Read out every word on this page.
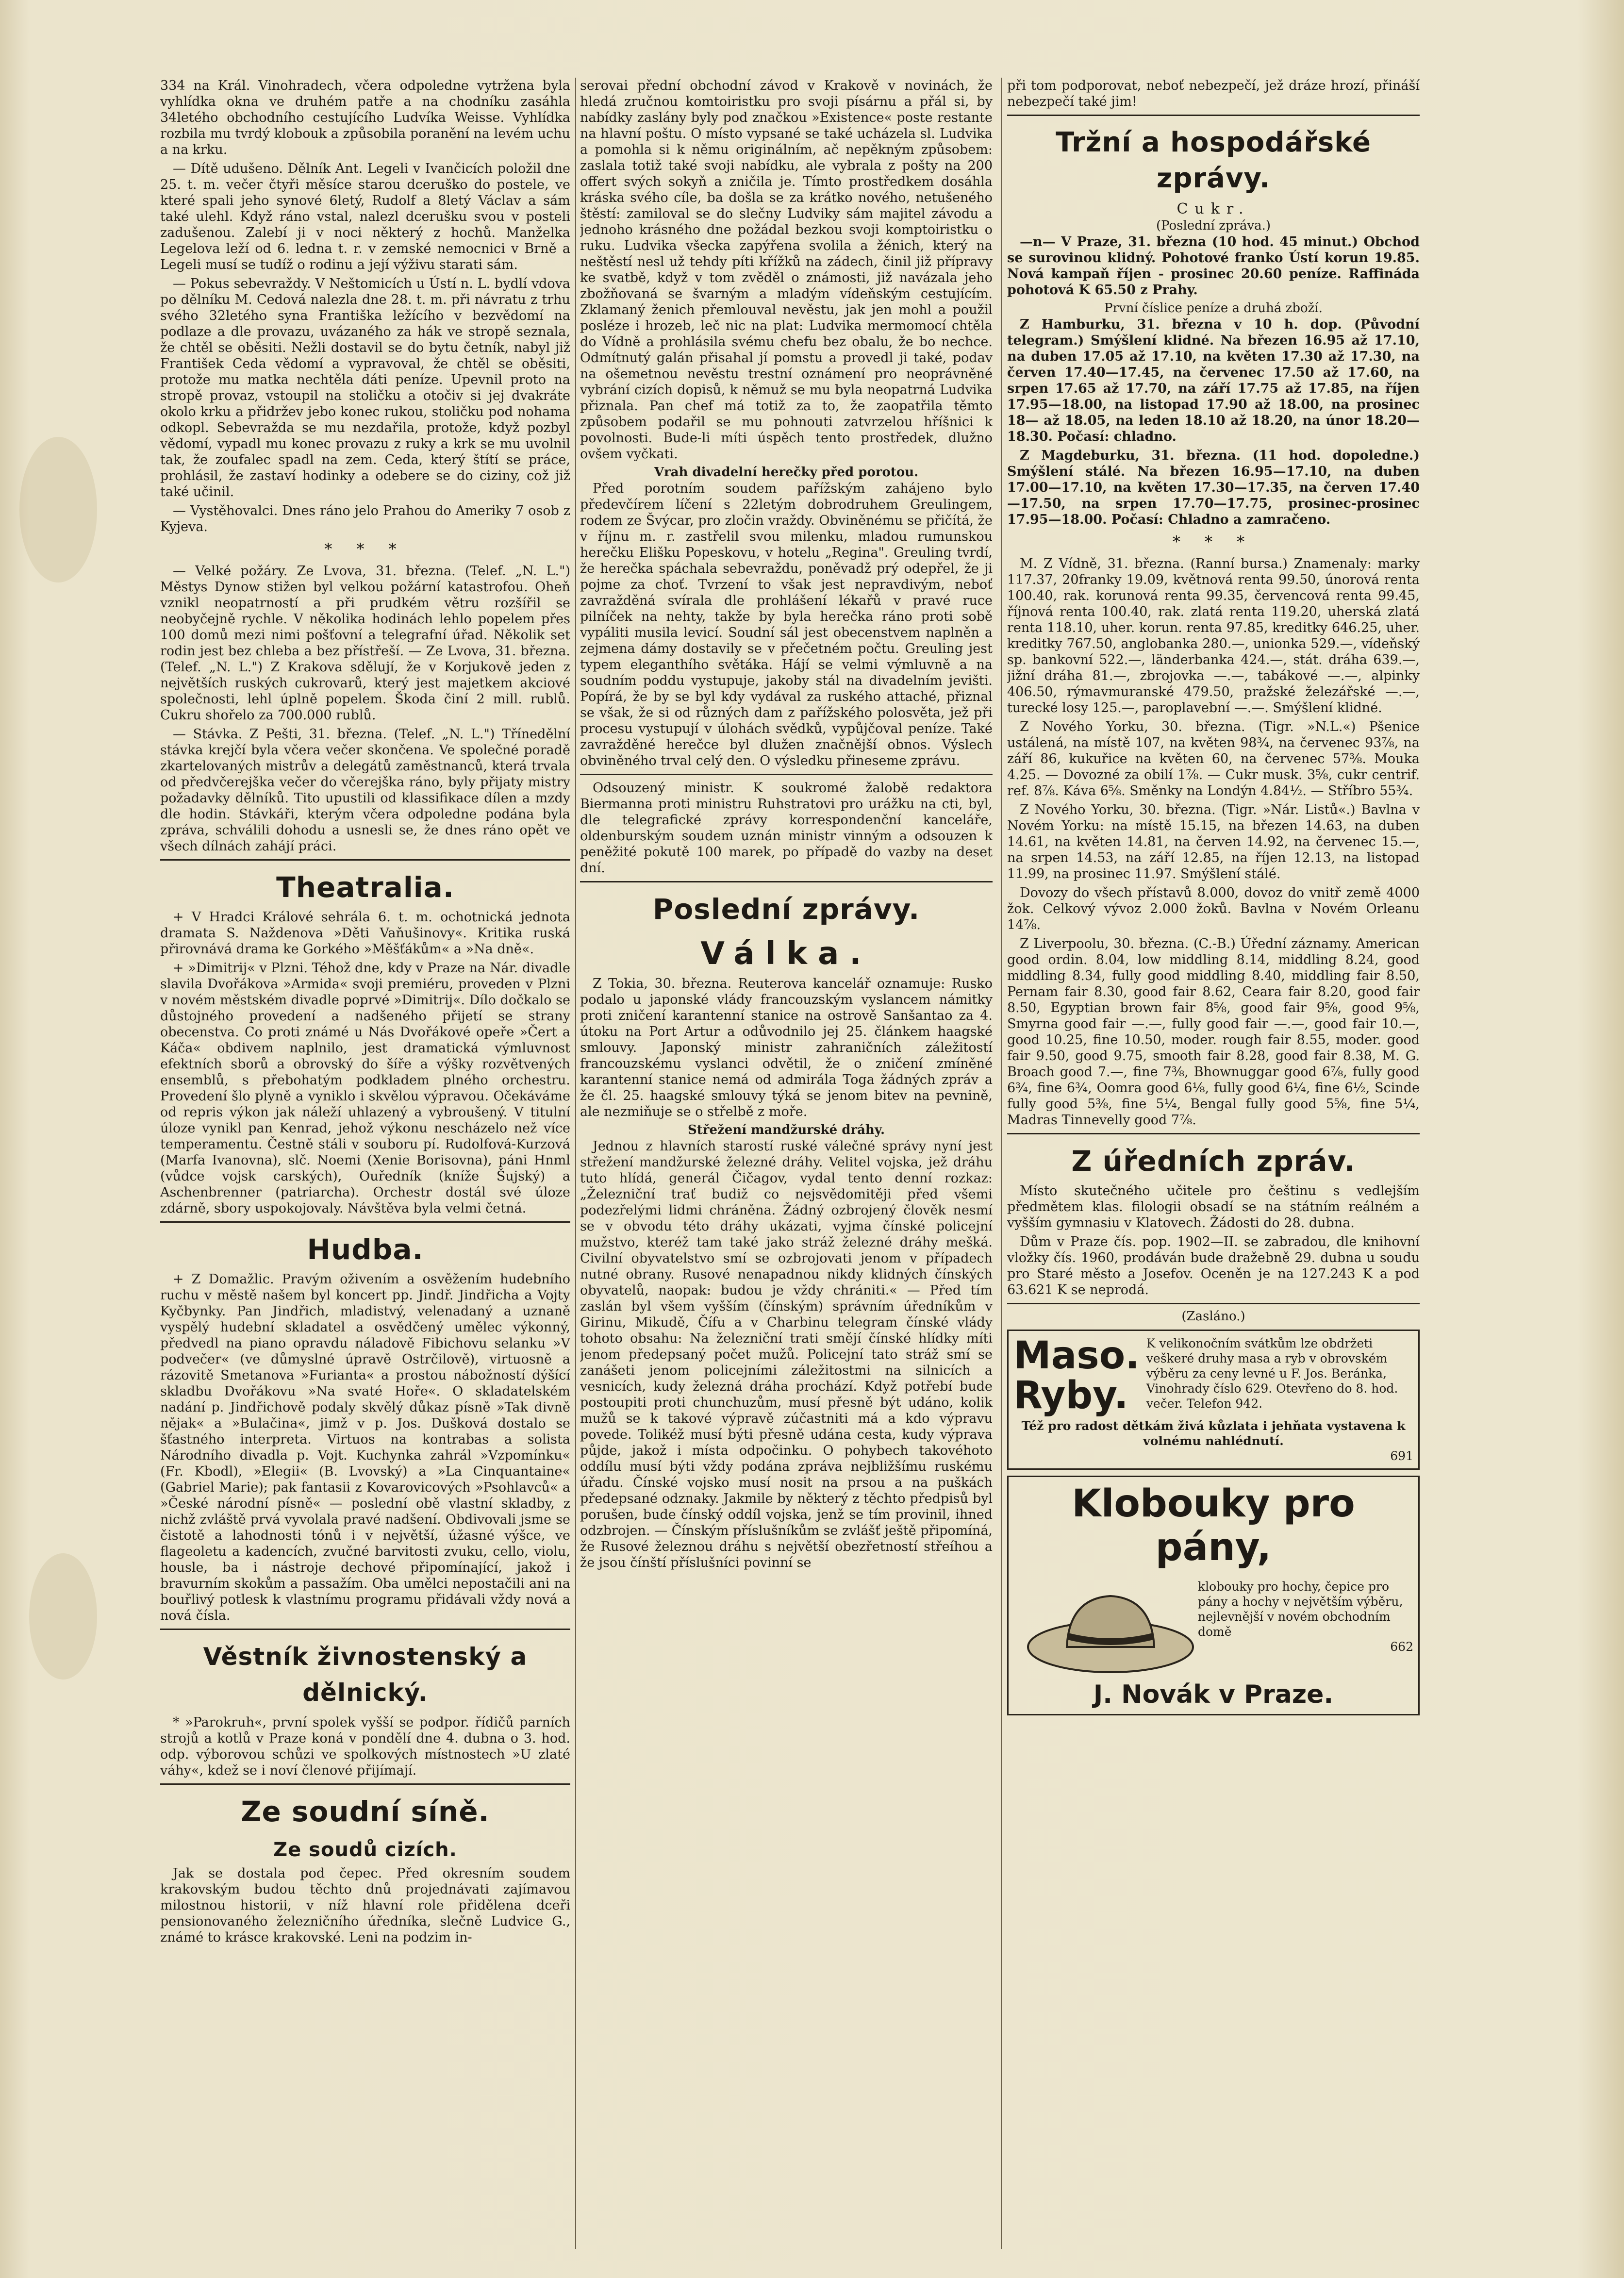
334 na Král. Vinohradech, včera odpoledne vytržena byla vyhlídka okna ve druhém patře a na chodníku zasáhla 34letého obchodního cestujícího Ludvíka Weisse. Vyhlídka rozbila mu tvrdý klobouk a způsobila poranění na levém uchu a na krku.

— Dítě udušeno. Dělník Ant. Legeli v Ivančicích položil dne 25. t. m. večer čtyři měsíce starou dceruško do postele, ve které spali jeho synové 6letý, Rudolf a 8letý Václav a sám také ulehl. Když ráno vstal, nalezl dcerušku svou v posteli zadušenou. Zalebí ji v noci některý z hochů. Manželka Legelova leží od 6. ledna t. r. v zemské nemocnici v Brně a Legeli musí se tudíž o rodinu a její výživu starati sám.

— Pokus sebevraždy. V Neštomicích u Ústí n. L. bydlí vdova po dělníku M. Cedová nalezla dne 28. t. m. při návratu z trhu svého 32letého syna Františka ležícího v bezvědomí na podlaze a dle provazu, uvázaného za hák ve stropě seznala, že chtěl se oběsiti. Nežli dostavil se do bytu četník, nabyl již František Ceda vědomí a vypravoval, že chtěl se oběsiti, protože mu matka nechtěla dáti peníze. Upevnil proto na stropě provaz, vstoupil na stoličku a otočiv si jej dvakráte okolo krku a přidržev jebo konec rukou, stoličku pod nohama odkopl. Sebevražda se mu nezdařila, protože, když pozbyl vědomí, vypadl mu konec provazu z ruky a krk se mu uvolnil tak, že zoufalec spadl na zem. Ceda, který štítí se práce, prohlásil, že zastaví hodinky a odebere se do ciziny, což již také učinil.

— Vystěhovalci. Dnes ráno jelo Prahou do Ameriky 7 osob z Kyjeva.

* * *

— Velké požáry. Ze Lvova, 31. března. (Telef. „N. L.") Městys Dynow stižen byl velkou požární katastrofou. Oheň vznikl neopatrností a při prudkém větru rozšířil se neobyčejně rychle. V několika hodinách lehlo popelem přes 100 domů mezi nimi pošťovní a telegrafní úřad. Několik set rodin jest bez chleba a bez přístřeší. — Ze Lvova, 31. března. (Telef. „N. L.") Z Krakova sdělují, že v Korjukově jeden z největších ruských cukrovarů, který jest majetkem akciové společnosti, lehl úplně popelem. Škoda činí 2 mill. rublů. Cukru shořelo za 700.000 rublů.

— Stávka. Z Pešti, 31. března. (Telef. „N. L.") Třínedělní stávka krejčí byla včera večer skončena. Ve společné poradě zkartelovaných mistrův a delegátů zaměstnanců, která trvala od předvčerejška večer do včerejška ráno, byly přijaty mistry požadavky dělníků. Tito upustili od klassifikace dílen a mzdy dle hodin. Stávkáři, kterým včera odpoledne podána byla zpráva, schválili dohodu a usnesli se, že dnes ráno opět ve všech dílnách zahájí práci.

Theatralia.

+ V Hradci Králové sehrála 6. t. m. ochotnická jednota dramata S. Naždenova »Děti Vaňušinovy«. Kritika ruská přirovnává drama ke Gorkého »Měšťákům« a »Na dně«.

+ »Dimitrij« v Plzni. Téhož dne, kdy v Praze na Nár. divadle slavila Dvořákova »Armida« svoji premiéru, proveden v Plzni v novém městském divadle poprvé »Dimitrij«. Dílo dočkalo se důstojného provedení a nadšeného přijetí se strany obecenstva. Co proti známé u Nás Dvořákové opeře »Čert a Káča« obdivem naplnilo, jest dramatická výmluvnost efektních sborů a obrovský do šíře a výšky rozvětvených ensemblů, s přebohatým podkladem plného orchestru. Provedení šlo plyně a vyniklo i skvělou výpravou. Očekáváme od repris výkon jak náleží uhlazený a vybroušený. V titulní úloze vynikl pan Kenrad, jehož výkonu nescházelo než více temperamentu. Čestně stáli v souboru pí. Rudolfová-Kurzová (Marfa Ivanovna), slč. Noemi (Xenie Borisovna), páni Hnml (vůdce vojsk carských), Ouředník (kníže Šujský) a Aschenbrenner (patriarcha). Orchestr dostál své úloze zdárně, sbory uspokojovaly. Návštěva byla velmi četná.

Hudba.

+ Z Domažlic. Pravým oživením a osvěžením hudebního ruchu v městě našem byl koncert pp. Jindř. Jindřicha a Vojty Kyčbynky. Pan Jindřich, mladistvý, velenadaný a uznaně vyspělý hudební skladatel a osvědčený umělec výkonný, předvedl na piano opravdu náladově Fibichovu selanku »V podvečer« (ve důmyslné úpravě Ostrčilově), virtuosně a rázovitě Smetanova »Furianta« a prostou nábožností dýšící skladbu Dvořákovu »Na svaté Hoře«. O skladatelském nadání p. Jindřichově podaly skvělý důkaz písně »Tak divně nějak« a »Bulačina«, jimž v p. Jos. Dušková dostalo se šťastného interpreta. Virtuos na kontrabas a solista Národního divadla p. Vojt. Kuchynka zahrál »Vzpomínku« (Fr. Kbodl), »Elegii« (B. Lvovský) a »La Cinquantaine« (Gabriel Marie); pak fantasii z Kovarovicových »Psohlavců« a »České národní písně« — poslední obě vlastní skladby, z nichž zvláště prvá vyvolala pravé nadšení. Obdivovali jsme se čistotě a lahodnosti tónů i v největší, úžasné výšce, ve flageoletu a kadencích, zvučné barvitosti zvuku, cello, violu, housle, ba i nástroje dechové připomínající, jakož i bravurním skokům a passažím. Oba umělci nepostačili ani na bouřlivý potlesk k vlastnímu programu přidávali vždy nová a nová čísla.

Věstník živnostenský a dělnický.

* »Parokruh«, první spolek vyšší se podpor. řídičů parních strojů a kotlů v Praze koná v pondělí dne 4. dubna o 3. hod. odp. výborovou schůzi ve spolkových místnostech »U zlaté váhy«, kdež se i noví členové přijímají.

Ze soudní síně.
Ze soudů cizích.

Jak se dostala pod čepec. Před okresním soudem krakovským budou těchto dnů projednávati zajímavou milostnou historii, v níž hlavní role přidělena dceři pensionovaného železničního úředníka, slečně Ludvice G., známé to krásce krakovské. Leni na podzim in-

serovai přední obchodní závod v Krakově v novinách, že hledá zručnou komtoiristku pro svoji písárnu a přál si, by nabídky zaslány byly pod značkou »Existence« poste restante na hlavní poštu. O místo vypsané se také ucházela sl. Ludvika a pomohla si k němu originálním, ač nepěkným způsobem: zaslala totiž také svoji nabídku, ale vybrala z pošty na 200 offert svých sokyň a zničila je. Tímto prostředkem dosáhla kráska svého cíle, ba došla se za krátko nového, netušeného štěstí: zamiloval se do slečny Ludviky sám majitel závodu a jednoho krásného dne požádal bezkou svoji komptoiristku o ruku. Ludvika všecka zapýřena svolila a žénich, který na neštěstí nesl už tehdy píti křížků na zádech, činil již přípravy ke svatbě, když v tom zvěděl o známosti, již navázala jeho zbožňovaná se švarným a mladým vídeňským cestujícím. Zklamaný ženich přemlouval nevěstu, jak jen mohl a použil posléze i hrozeb, leč nic na plat: Ludvika mermomocí chtěla do Vídně a prohlásila svému chefu bez obalu, že bo nechce. Odmítnutý galán přisahal jí pomstu a provedl ji také, podav na ošemetnou nevěstu trestní oznámení pro neoprávněné vybrání cizích dopisů, k němuž se mu byla neopatrná Ludvika přiznala. Pan chef má totiž za to, že zaopatřila těmto způsobem podařil se mu pohnouti zatvrzelou hříšnici k povolnosti. Bude-li míti úspěch tento prostředek, dlužno ovšem vyčkati.

Vrah divadelní herečky před porotou.

Před porotním soudem pařížským zahájeno bylo předevčírem líčení s 22letým dobrodruhem Greulingem, rodem ze Švýcar, pro zločin vraždy. Obviněnému se přičítá, že v říjnu m. r. zastřelil svou milenku, mladou rumunskou herečku Elišku Popeskovu, v hotelu „Regina". Greuling tvrdí, že herečka spáchala sebevraždu, poněvadž prý odepřel, že ji pojme za choť. Tvrzení to však jest nepravdivým, neboť zavražděná svírala dle prohlášení lékařů v pravé ruce pilníček na nehty, takže by byla herečka ráno proti sobě vypáliti musila levicí. Soudní sál jest obecenstvem naplněn a zejmena dámy dostavily se v přečetném počtu. Greuling jest typem eleganthího světáka. Hájí se velmi výmluvně a na soudním poddu vystupuje, jakoby stál na divadelním jevišti. Popírá, že by se byl kdy vydával za ruského attaché, přiznal se však, že si od různých dam z pařížského polosvěta, jež při procesu vystupují v úlohách svědků, vypůjčoval peníze. Také zavražděné herečce byl dlužen značnější obnos. Výslech obviněného trval celý den. O výsledku přineseme zprávu.

Odsouzený ministr. K soukromé žalobě redaktora Biermanna proti ministru Ruhstratovi pro urážku na cti, byl, dle telegrafické zprávy korrespondenční kanceláře, oldenburským soudem uznán ministr vinným a odsouzen k peněžité pokutě 100 marek, po případě do vazby na deset dní.

Poslední zprávy.
Válka.

Z Tokia, 30. března. Reuterova kancelář oznamuje: Rusko podalo u japonské vlády francouzským vyslancem námitky proti zničení karantenní stanice na ostrově Sanšantao za 4. útoku na Port Artur a odůvodnilo jej 25. článkem haagské smlouvy. Japonský ministr zahraničních záležitostí francouzskému vyslanci odvětil, že o zničení zmíněné karantenní stanice nemá od admirála Toga žádných zpráv a že čl. 25. haagské smlouvy týká se jenom bitev na pevnině, ale nezmiňuje se o střelbě z moře.

Střežení mandžurské dráhy.

Jednou z hlavních starostí ruské válečné správy nyní jest střežení mandžurské železné dráhy. Velitel vojska, jež dráhu tuto hlídá, generál Čičagov, vydal tento denní rozkaz: „Železniční trať budiž co nejsvědomitěji před všemi podezřelými lidmi chráněna. Žádný ozbrojený člověk nesmí se v obvodu této dráhy ukázati, vyjma čínské policejní mužstvo, kteréž tam také jako stráž železné dráhy mešká. Civilní obyvatelstvo smí se ozbrojovati jenom v případech nutné obrany. Rusové nenapadnou nikdy klidných čínských obyvatelů, naopak: budou je vždy chrániti.« — Před tím zaslán byl všem vyšším (čínským) správním úředníkům v Girinu, Mikudě, Čífu a v Charbinu telegram čínské vlády tohoto obsahu: Na železniční trati smějí čínské hlídky míti jenom předepsaný počet mužů. Policejní tato stráž smí se zanášeti jenom policejními záležitostmi na silnicích a vesnicích, kudy železná dráha prochází. Když potřebí bude postoupiti proti chunchuzům, musí přesně být udáno, kolik mužů se k takové výpravě zúčastniti má a kdo výpravu povede. Tolikéž musí býti přesně udána cesta, kudy výprava půjde, jakož i místa odpočinku. O pohybech takovéhoto oddílu musí býti vždy podána zpráva nejbližšímu ruskému úřadu. Čínské vojsko musí nosit na prsou a na puškách předepsané odznaky. Jakmile by některý z těchto předpisů byl porušen, bude čínský oddíl vojska, jenž se tím provinil, ihned odzbrojen. — Čínským příslušníkům se zvlášť ještě připomíná, že Rusové železnou dráhu s největší obezřetností střeíhou a že jsou čínští příslušníci povinní se

při tom podporovat, neboť nebezpečí, jež dráze hrozí, přináší nebezpečí také jim!

Tržní a hospodářské zprávy.
Cukr.
(Poslední zpráva.)

—n— V Praze, 31. března (10 hod. 45 minut.) Obchod se surovinou klidný. Pohotové franko Ústí korun 19.85. Nová kampaň říjen - prosinec 20.60 peníze. Raffináda pohotová K 65.50 z Prahy.

První číslice peníze a druhá zboží.

Z Hamburku, 31. března v 10 h. dop. (Původní telegram.) Smýšlení klidné. Na březen 16.95 až 17.10, na duben 17.05 až 17.10, na květen 17.30 až 17.30, na červen 17.40—17.45, na červenec 17.50 až 17.60, na srpen 17.65 až 17.70, na září 17.75 až 17.85, na říjen 17.95—18.00, na listopad 17.90 až 18.00, na prosinec 18— až 18.05, na leden 18.10 až 18.20, na únor 18.20—18.30. Počasí: chladno.

Z Magdeburku, 31. března. (11 hod. dopoledne.) Smýšlení stálé. Na březen 16.95—17.10, na duben 17.00—17.10, na květen 17.30—17.35, na červen 17.40—17.50, na srpen 17.70—17.75, prosinec-prosinec 17.95—18.00. Počasí: Chladno a zamračeno.

* * *

M. Z Vídně, 31. března. (Ranní bursa.) Znamenaly: marky 117.37, 20franky 19.09, květnová renta 99.50, únorová renta 100.40, rak. korunová renta 99.35, červencová renta 99.45, říjnová renta 100.40, rak. zlatá renta 119.20, uherská zlatá renta 118.10, uher. korun. renta 97.85, kreditky 646.25, uher. kreditky 767.50, anglobanka 280.—, unionka 529.—, vídeňský sp. bankovní 522.—, länderbanka 424.—, stát. dráha 639.—, jižní dráha 81.—, zbrojovka —.—, tabákové —.—, alpinky 406.50, rýmavmuranské 479.50, pražské železářské —.—, turecké losy 125.—, paroplavební —.—. Smýšlení klidné.

Z Nového Yorku, 30. března. (Tigr. »N.L.«) Pšenice ustálená, na místě 107, na květen 98¾, na červenec 93⅞, na září 86, kukuřice na květen 60, na červenec 57⅜. Mouka 4.25. — Dovozné za obilí 1⅞. — Cukr musk. 3⅝, cukr centrif. ref. 8⅞. Káva 6⅝. Směnky na Londýn 4.84½. — Stříbro 55¾.

Z Nového Yorku, 30. března. (Tigr. »Nár. Listů«.) Bavlna v Novém Yorku: na místě 15.15, na březen 14.63, na duben 14.61, na květen 14.81, na červen 14.92, na červenec 15.—, na srpen 14.53, na září 12.85, na říjen 12.13, na listopad 11.99, na prosinec 11.97. Smýšlení stálé.

Dovozy do všech přístavů 8.000, dovoz do vnitř země 4000 žok. Celkový vývoz 2.000 žoků. Bavlna v Novém Orleanu 14⅞.

Z Liverpoolu, 30. března. (C.-B.) Úřední záznamy. American good ordin. 8.04, low middling 8.14, middling 8.24, good middling 8.34, fully good middling 8.40, middling fair 8.50, Pernam fair 8.30, good fair 8.62, Ceara fair 8.20, good fair 8.50, Egyptian brown fair 8⅝, good fair 9⅝, good 9⅝, Smyrna good fair —.—, fully good fair —.—, good fair 10.—, good 10.25, fine 10.50, moder. rough fair 8.55, moder. good fair 9.50, good 9.75, smooth fair 8.28, good fair 8.38, M. G. Broach good 7.—, fine 7⅜, Bhownuggar good 6⅞, fully good 6¾, fine 6¾, Oomra good 6⅛, fully good 6¼, fine 6½, Scinde fully good 5⅜, fine 5¼, Bengal fully good 5⅝, fine 5¼, Madras Tinnevelly good 7⅞.

Z úředních zpráv.

Místo skutečného učitele pro češtinu s vedlejším předmětem klas. filologii obsadí se na státním reálném a vyšším gymnasiu v Klatovech. Žádosti do 28. dubna.

Dům v Praze čís. pop. 1902—II. se zabradou, dle knihovní vložky čís. 1960, prodáván bude dražebně 29. dubna u soudu pro Staré město a Josefov. Oceněn je na 127.243 K a pod 63.621 K se neprodá.

(Zasláno.)
Maso.
Ryby.
K velikonočním svátkům lze obdržeti veškeré druhy masa a ryb v obrovském výběru za ceny levné u F. Jos. Beránka, Vinohrady číslo 629. Otevřeno do 8. hod. večer. Telefon 942.
Též pro radost dětkám živá kůzlata i jehňata vystavena k volnému nahlédnutí.
691
Klobouky pro pány,
klobouky pro hochy, čepice pro pány a hochy v největším výběru, nejlevnější v novém obchodním domě
662
J. Novák v Praze.
